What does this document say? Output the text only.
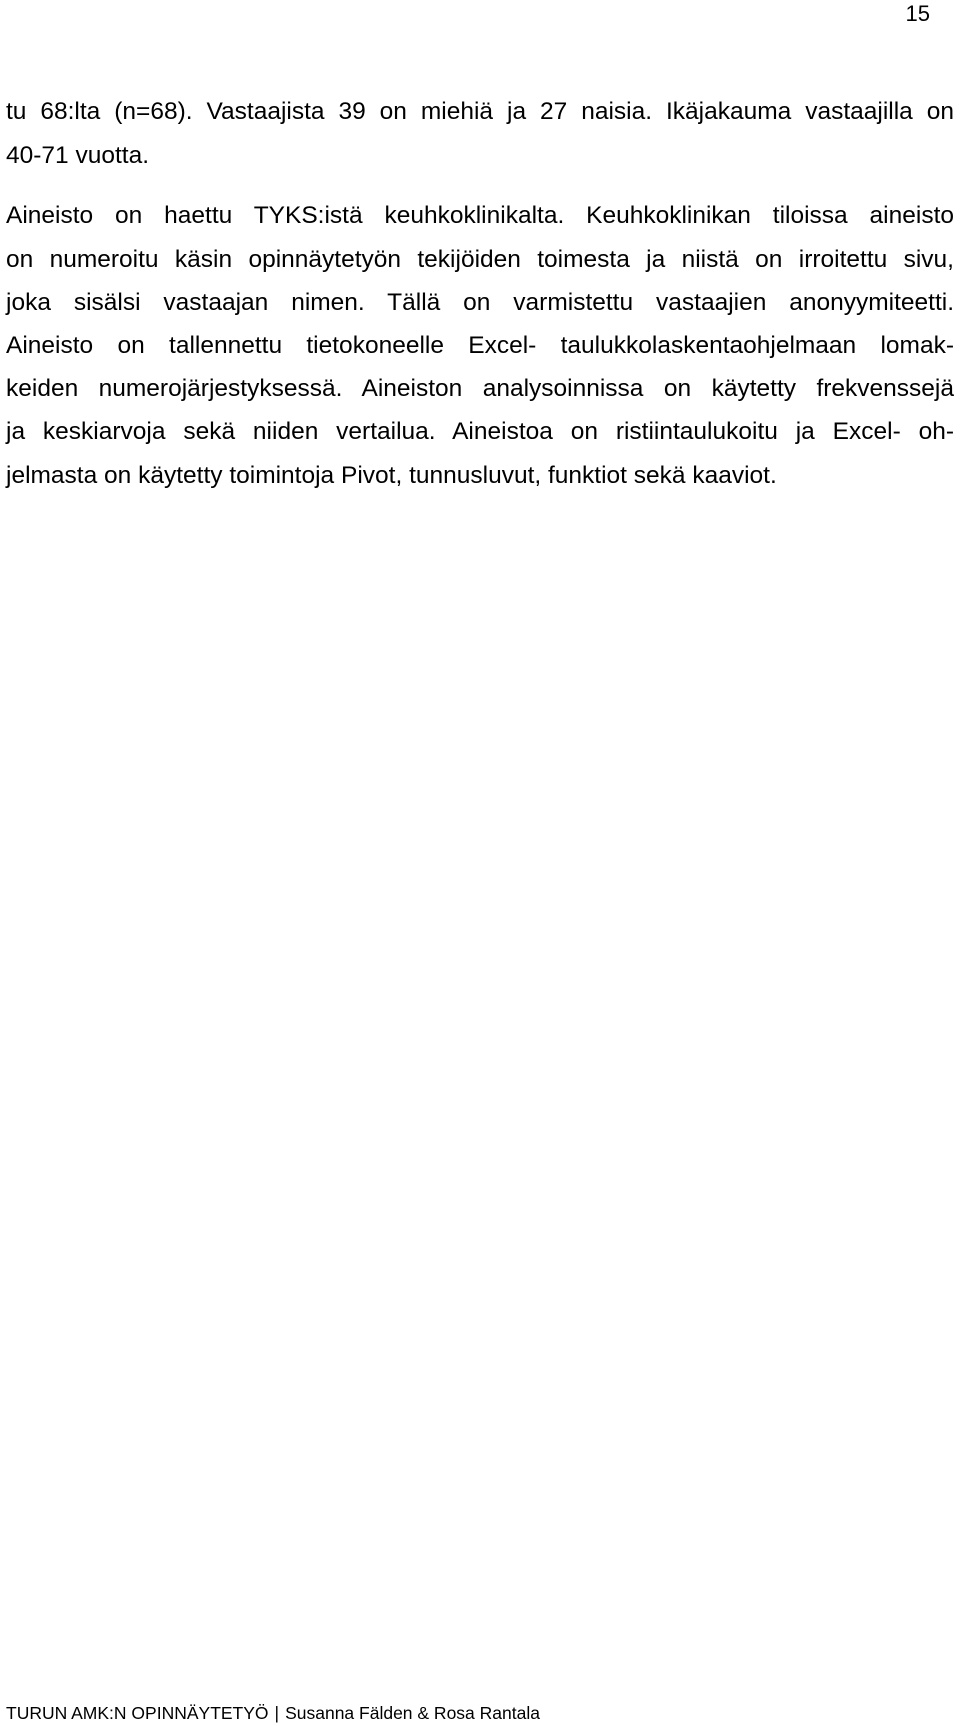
15
tu 68:lta (n=68). Vastaajista 39 on miehiä ja 27 naisia. Ikäjakauma vastaajilla on
40-71 vuotta.
Aineisto on haettu TYKS:istä keuhkoklinikalta. Keuhkoklinikan tiloissa aineisto
on numeroitu käsin opinnäytetyön tekijöiden toimesta ja niistä on irroitettu sivu,
joka sisälsi vastaajan nimen. Tällä on varmistettu vastaajien anonyymiteetti.
Aineisto on tallennettu tietokoneelle Excel- taulukkolaskentaohjelmaan lomak-
keiden numerojärjestyksessä. Aineiston analysoinnissa on käytetty frekvenssejä
ja keskiarvoja sekä niiden vertailua. Aineistoa on ristiintaulukoitu ja Excel- oh-
jelmasta on käytetty toimintoja Pivot, tunnusluvut, funktiot sekä kaaviot.
TURUN AMK:N OPINNÄYTETYÖ | Susanna Fälden & Rosa Rantala
